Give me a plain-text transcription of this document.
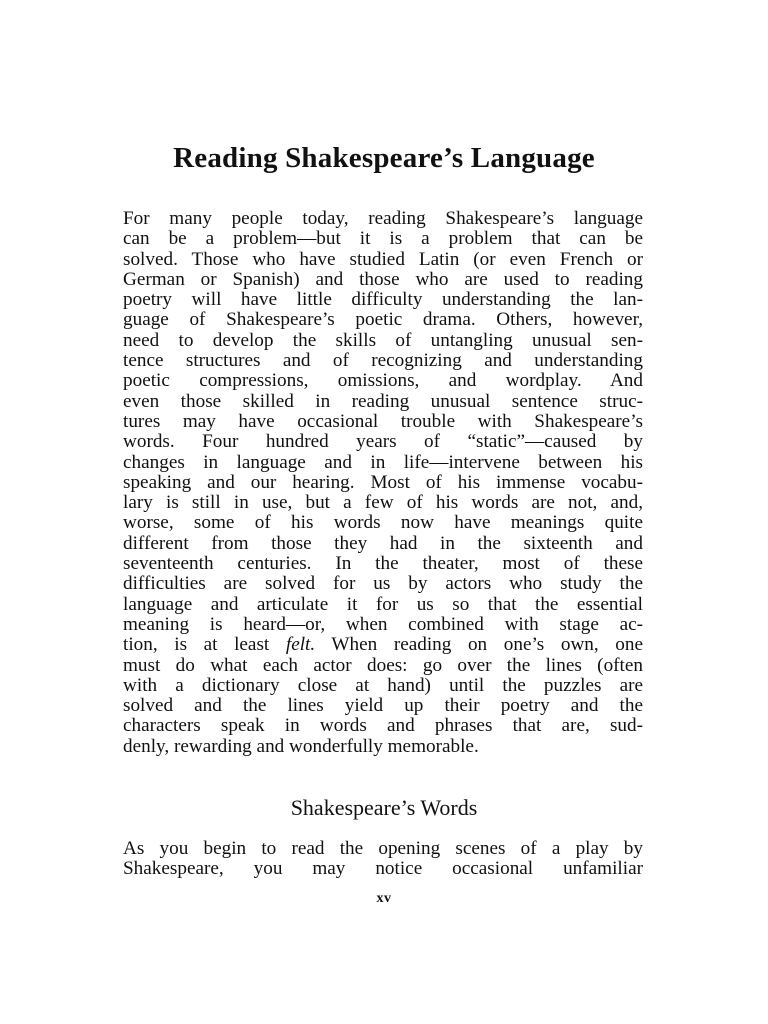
Reading Shakespeare’s Language
For many people today, reading Shakespeare’s language
can be a problem—but it is a problem that can be
solved. Those who have studied Latin (or even French or
German or Spanish) and those who are used to reading
poetry will have little difficulty understanding the lan-
guage of Shakespeare’s poetic drama. Others, however,
need to develop the skills of untangling unusual sen-
tence structures and of recognizing and understanding
poetic compressions, omissions, and wordplay. And
even those skilled in reading unusual sentence struc-
tures may have occasional trouble with Shakespeare’s
words. Four hundred years of “static”—caused by
changes in language and in life—intervene between his
speaking and our hearing. Most of his immense vocabu-
lary is still in use, but a few of his words are not, and,
worse, some of his words now have meanings quite
different from those they had in the sixteenth and
seventeenth centuries. In the theater, most of these
difficulties are solved for us by actors who study the
language and articulate it for us so that the essential
meaning is heard—or, when combined with stage ac-
tion, is at least felt. When reading on one’s own, one
must do what each actor does: go over the lines (often
with a dictionary close at hand) until the puzzles are
solved and the lines yield up their poetry and the
characters speak in words and phrases that are, sud-
denly, rewarding and wonderfully memorable.
Shakespeare’s Words
As you begin to read the opening scenes of a play by
Shakespeare, you may notice occasional unfamiliar
xv
